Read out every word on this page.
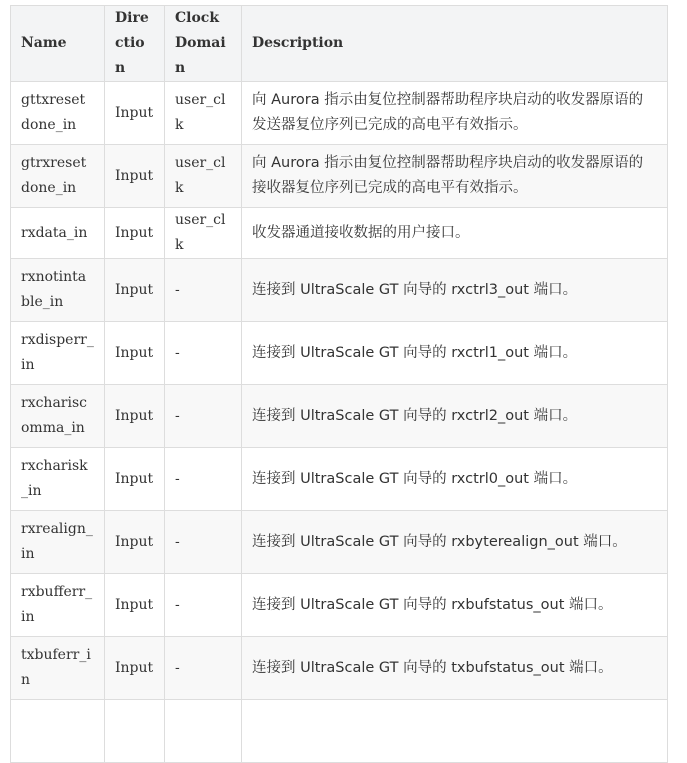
Name	Direction	Clock Domain	Description
gttxresetdone_in	Input	user_clk	向 Aurora 指示由复位控制器帮助程序块启动的收发器原语的发送器复位序列已完成的高电平有效指示。
gtrxresetdone_in	Input	user_clk	向 Aurora 指示由复位控制器帮助程序块启动的收发器原语的接收器复位序列已完成的高电平有效指示。
rxdata_in	Input	user_clk	收发器通道接收数据的用户接口。
rxnotintable_in	Input	-	连接到 UltraScale GT 向导的 rxctrl3_out 端口。
rxdisperr_in	Input	-	连接到 UltraScale GT 向导的 rxctrl1_out 端口。
rxchariscomma_in	Input	-	连接到 UltraScale GT 向导的 rxctrl2_out 端口。
rxcharisk_in	Input	-	连接到 UltraScale GT 向导的 rxctrl0_out 端口。
rxrealign_in	Input	-	连接到 UltraScale GT 向导的 rxbyterealign_out 端口。
rxbufferr_in	Input	-	连接到 UltraScale GT 向导的 rxbufstatus_out 端口。
txbuferr_in	Input	-	连接到 UltraScale GT 向导的 txbufstatus_out 端口。
